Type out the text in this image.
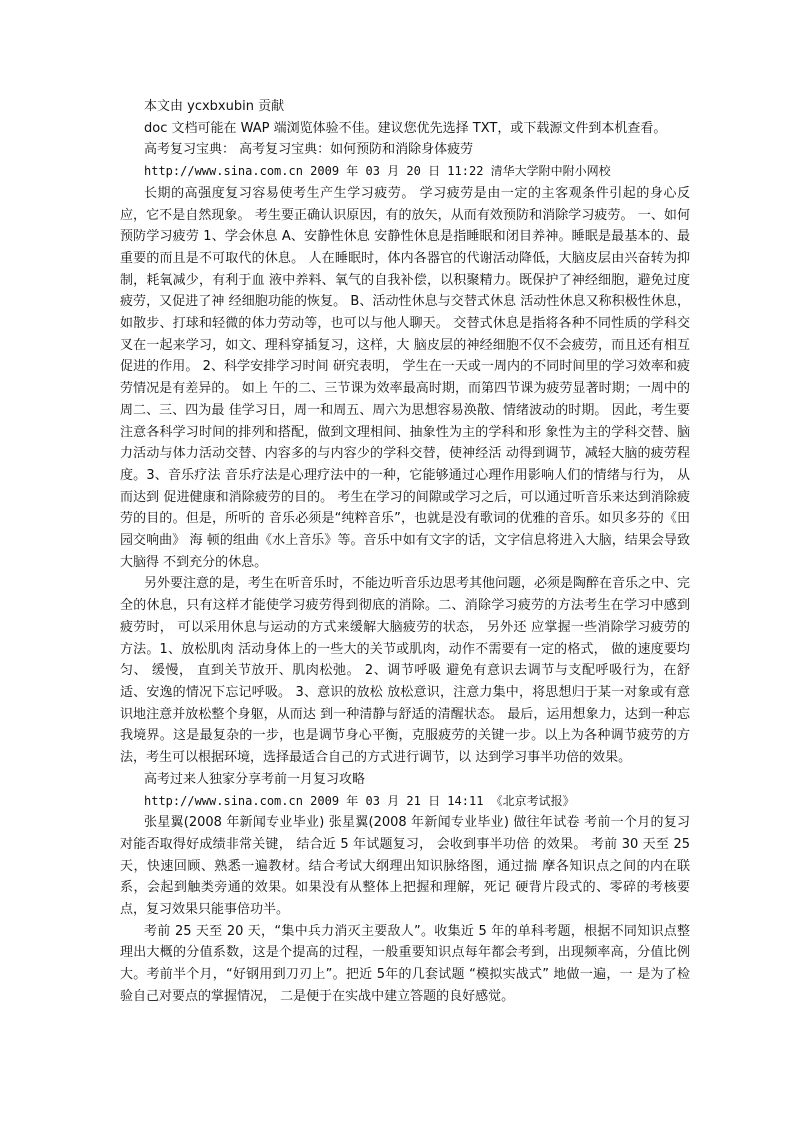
本文由 ycxbxubin 贡献

doc 文档可能在 WAP 端浏览体验不佳。建议您优先选择 TXT，或下载源文件到本机查看。

高考复习宝典： 高考复习宝典：如何预防和消除身体疲劳

http://www.sina.com.cn 2009 年 03 月 20 日 11:22 清华大学附中附小网校

长期的高强度复习容易使考生产生学习疲劳。 学习疲劳是由一定的主客观条件引起的身心反应，它不是自然现象。 考生要正确认识原因，有的放矢，从而有效预防和消除学习疲劳。 一、如何预防学习疲劳 1、学会休息 A、安静性休息 安静性休息是指睡眠和闭目养神。睡眠是最基本的、最重要的而且是不可取代的休息。 人在睡眠时，体内各器官的代谢活动降低，大脑皮层由兴奋转为抑制，耗氧减少，有利于血 液中养料、氧气的自我补偿，以积聚精力。既保护了神经细胞，避免过度疲劳，又促进了神 经细胞功能的恢复。 B、活动性休息与交替式休息 活动性休息又称积极性休息，如散步、打球和轻微的体力劳动等，也可以与他人聊天。 交替式休息是指将各种不同性质的学科交叉在一起来学习，如文、理科穿插复习，这样，大 脑皮层的神经细胞不仅不会疲劳，而且还有相互促进的作用。 2、科学安排学习时间 研究表明， 学生在一天或一周内的不同时间里的学习效率和疲劳情况是有差异的。 如上 午的二、三节课为效率最高时期，而第四节课为疲劳显著时期；一周中的周二、三、四为最 佳学习日，周一和周五、周六为思想容易涣散、情绪波动的时期。 因此，考生要注意各科学习时间的排列和搭配，做到文理相间、抽象性为主的学科和形 象性为主的学科交替、脑力活动与体力活动交替、内容多的与内容少的学科交替，使神经活 动得到调节，减轻大脑的疲劳程度。3、音乐疗法 音乐疗法是心理疗法中的一种，它能够通过心理作用影响人们的情绪与行为， 从而达到 促进健康和消除疲劳的目的。 考生在学习的间隙或学习之后，可以通过听音乐来达到消除疲劳的目的。但是，所听的 音乐必须是“纯粹音乐”，也就是没有歌词的优雅的音乐。如贝多芬的《田园交响曲》 海 顿的组曲《水上音乐》等。音乐中如有文字的话，文字信息将进入大脑，结果会导致大脑得 不到充分的休息。

另外要注意的是，考生在听音乐时，不能边听音乐边思考其他问题，必须是陶醉在音乐之中、完全的休息，只有这样才能使学习疲劳得到彻底的消除。二、消除学习疲劳的方法考生在学习中感到疲劳时， 可以采用休息与运动的方式来缓解大脑疲劳的状态， 另外还 应掌握一些消除学习疲劳的方法。1、放松肌肉 活动身体上的一些大的关节或肌肉，动作不需要有一定的格式， 做的速度要均匀、 缓慢， 直到关节放开、肌肉松弛。 2、调节呼吸 避免有意识去调节与支配呼吸行为，在舒适、安逸的情况下忘记呼吸。 3、意识的放松 放松意识，注意力集中，将思想归于某一对象或有意识地注意并放松整个身躯，从而达 到一种清静与舒适的清醒状态。 最后，运用想象力，达到一种忘我境界。这是最复杂的一步，也是调节身心平衡，克服疲劳的关键一步。以上为各种调节疲劳的方法，考生可以根据环境，选择最适合自己的方式进行调节，以 达到学习事半功倍的效果。

高考过来人独家分享考前一月复习攻略

http://www.sina.com.cn 2009 年 03 月 21 日 14:11 《北京考试报》

张星翼(2008 年新闻专业毕业) 张星翼(2008 年新闻专业毕业) 做往年试卷 考前一个月的复习对能否取得好成绩非常关键， 结合近 5 年试题复习， 会收到事半功倍 的效果。 考前 30 天至 25 天，快速回顾、熟悉一遍教材。结合考试大纲理出知识脉络图，通过揣 摩各知识点之间的内在联系，会起到触类旁通的效果。如果没有从整体上把握和理解，死记 硬背片段式的、零碎的考核要点，复习效果只能事倍功半。

考前 25 天至 20 天，“集中兵力消灭主要敌人”。收集近 5 年的单科考题，根据不同知识点整理出大概的分值系数，这是个提高的过程，一般重要知识点每年都会考到，出现频率高，分值比例大。考前半个月，“好钢用到刀刃上”。把近 5年的几套试题 “模拟实战式” 地做一遍，一 是为了检验自己对要点的掌握情况， 二是便于在实战中建立答题的良好感觉。
